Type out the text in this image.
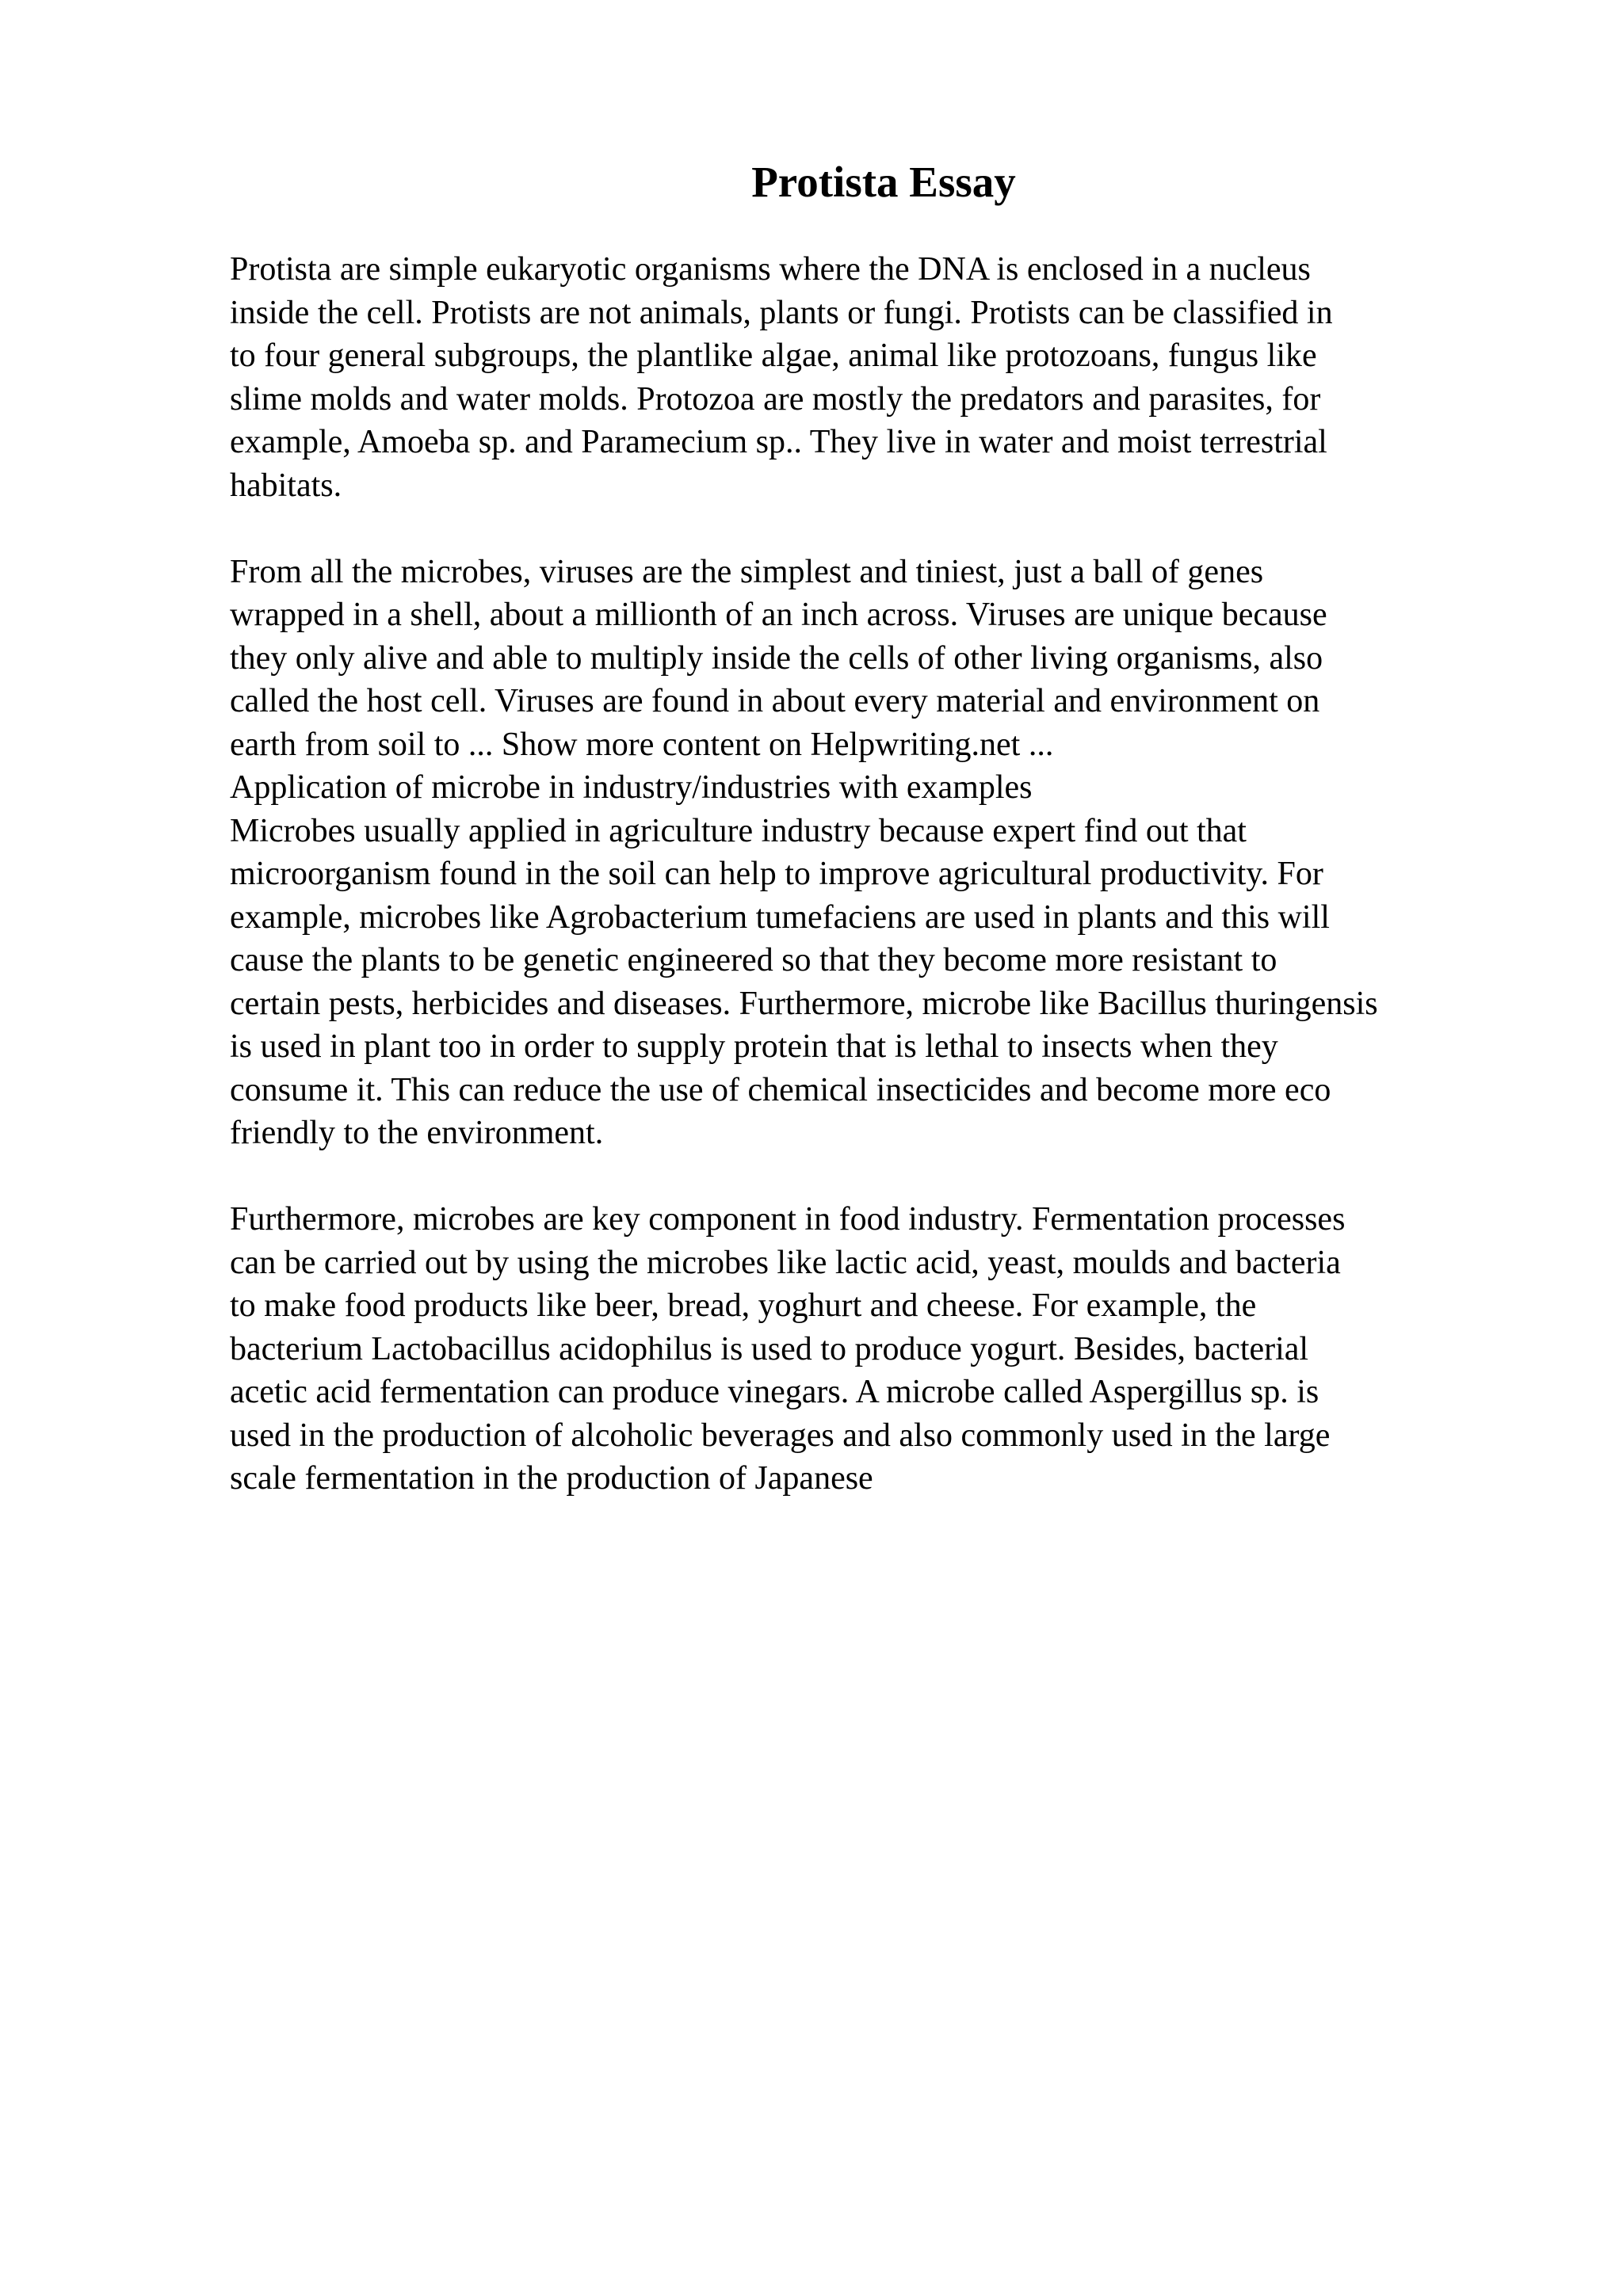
Protista Essay
Protista are simple eukaryotic organisms where the DNA is enclosed in a nucleus
inside the cell. Protists are not animals, plants or fungi. Protists can be classified in
to four general subgroups, the plantlike algae, animal like protozoans, fungus like
slime molds and water molds. Protozoa are mostly the predators and parasites, for
example, Amoeba sp. and Paramecium sp.. They live in water and moist terrestrial
habitats.
From all the microbes, viruses are the simplest and tiniest, just a ball of genes
wrapped in a shell, about a millionth of an inch across. Viruses are unique because
they only alive and able to multiply inside the cells of other living organisms, also
called the host cell. Viruses are found in about every material and environment on
earth from soil to ... Show more content on Helpwriting.net ...
Application of microbe in industry/industries with examples
Microbes usually applied in agriculture industry because expert find out that
microorganism found in the soil can help to improve agricultural productivity. For
example, microbes like Agrobacterium tumefaciens are used in plants and this will
cause the plants to be genetic engineered so that they become more resistant to
certain pests, herbicides and diseases. Furthermore, microbe like Bacillus thuringensis
is used in plant too in order to supply protein that is lethal to insects when they
consume it. This can reduce the use of chemical insecticides and become more eco
friendly to the environment.
Furthermore, microbes are key component in food industry. Fermentation processes
can be carried out by using the microbes like lactic acid, yeast, moulds and bacteria
to make food products like beer, bread, yoghurt and cheese. For example, the
bacterium Lactobacillus acidophilus is used to produce yogurt. Besides, bacterial
acetic acid fermentation can produce vinegars. A microbe called Aspergillus sp. is
used in the production of alcoholic beverages and also commonly used in the large
scale fermentation in the production of Japanese
